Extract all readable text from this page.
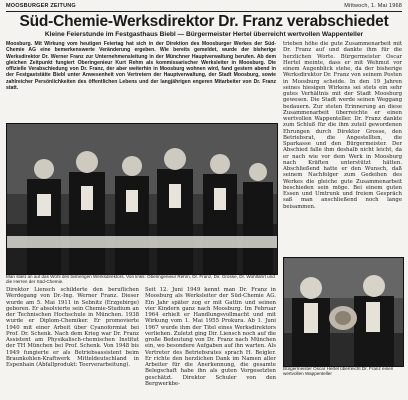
MOOSBURGER ZEITUNG	Mittwoch, 1. Mai 1968
Süd-Chemie-Werksdirektor Dr. Franz verabschiedet
Kleine Feierstunde im Festgasthaus Biebl — Bürgermeister Hertel überreicht wertvollen Wappenteller

Moosburg. Mit Wirkung vom heutigen Feiertag hat sich in der Direktion des Moosburger Werkes der Süd-Chemie AG eine bemerkenswerte Veränderung ergeben. Wie bereits gemeldet, wurde der bisherige Werksdirektor Dr. Werner Franz zur Unternehmensleitung in der Münchner Hauptverwaltung berufen. Ab dem gleichen Zeitpunkt fungiert Oberingenieur Kurt Rehm als kommissarischer Werksleiter in Moosburg. Die offizielle Verabschiedung von Dr. Franz, der aber weiterhin in Moosburg wohnen wird, fand gestern abend in der Festgaststätte Biebl unter Anwesenheit von Vertretern der Hauptverwaltung, der Stadt Moosburg, sowie zahlreicher Persönlichkeiten des öffentlichen Lebens und der langjährigen engeren Mitarbeiter von Dr. Franz statt.

Man stieß an auf das Wohl des bisherigen Werksdirektors. Von links: Oberingenieur Rehm, Dr. Franz, Dir. Grosse, Dr. Wohlfahrt und die Herren der Süd-Chemie.

trieben höhe die gute Zusammenarbeit mit Dr. Franz auf und dankte ihm für die herzlichen Worte. Bürgermeister Oscar Hertel meinte, dass er mit Wehmut vor einem Augenblick stehe, da der bisherige Werksdirektor Dr. Franz von seinem Posten in Moosburg scheide. In den 19 Jahren seines hiesigen Wirkens sei stets ein sehr gutes Verhältnis mit der Stadt Moosburg gewesen. Die Stadt werde seinen Weggang bedauern. Zur steten Erinnerung an diese Zusammenarbeit überreichte er einen wertvollen Wappenteller. Dr. Franz dankte zum Schluß für die ihm zuteil gewordenen Ehrungen durch Direktor Grosse, den Betriebsrat, die Angestellten, die Sparkasse und den Bürgermeister. Der Abschied falle ihm deshalb nicht leicht, da er nach wie vor dem Werk in Moosburg nach Kräften unterstützt hätten. Abschließend hatte er den Wunsch, daß seinem Nachfolger zum Gedeihen des Werkes die gleiche gute Zusammenarbeit beschieden sein möge. Bei einem guten Essen und Umtrunk und freiem Gespräch saß man anschließend noch lange beisammen.

Bürgermeister Oscar Hertel überreicht Dr. Franz einen wertvollen Wappenteller

Direktor Liensch schilderte den beruflichen Werdegang von Dr.-Ing. Werner Franz. Dieser wurde am 5. Mai 1911 in Sebnitz (Erzgebirge) geboren. Er absolvierte sein Chemie-Studium an der Technischen Hochschule in München. 1938 wurde er Diplom-Chemiker. Er promovierte 1940 mit einer Arbeit über Cyanoformiat bei Prof. Dr. Schenk. Nach dem Krieg war Dr. Franz Assistent am Physikalisch-chemischen Institut der TH München bei Prof. Schenk. Von 1948 bis 1949 fungierte er als Betriebsassistent beim Braunkohlen-Kraftwerk Mitteldeutschland in Espenhain (Abfallprodukt: Teerverarbeitung).

Seit 12. Juni 1949 kennt man Dr. Franz in Moosburg als Werksleiter der Süd-Chemie AG. Ein Jahr später zog er mit Gattin und seinen vier Kindern ganz nach Moosburg. Im Februar 1964 erhielt er Handlungsvollmacht und mit Wirkung vom 1. Mai 1955 Prokura. Ab 1. Juni 1967 wurde ihm der Titel eines Werksdirektors verliehen. Zuletzt ging Dir. Liensch noch auf die große Bedeutung von Dr. Franz nach München ein, wo besondere Aufgaben auf ihn warten. Als Vertreter des Betriebsrates sprach H. Beigler. Er richte den herzlichen Dank im Namen aller Arbeiter für die Anerkennung, die gesamte Belegschaft habe ihn als guten Vorgesetzten geschätzt. Direktor Schuler von den Bergwerkbe-
